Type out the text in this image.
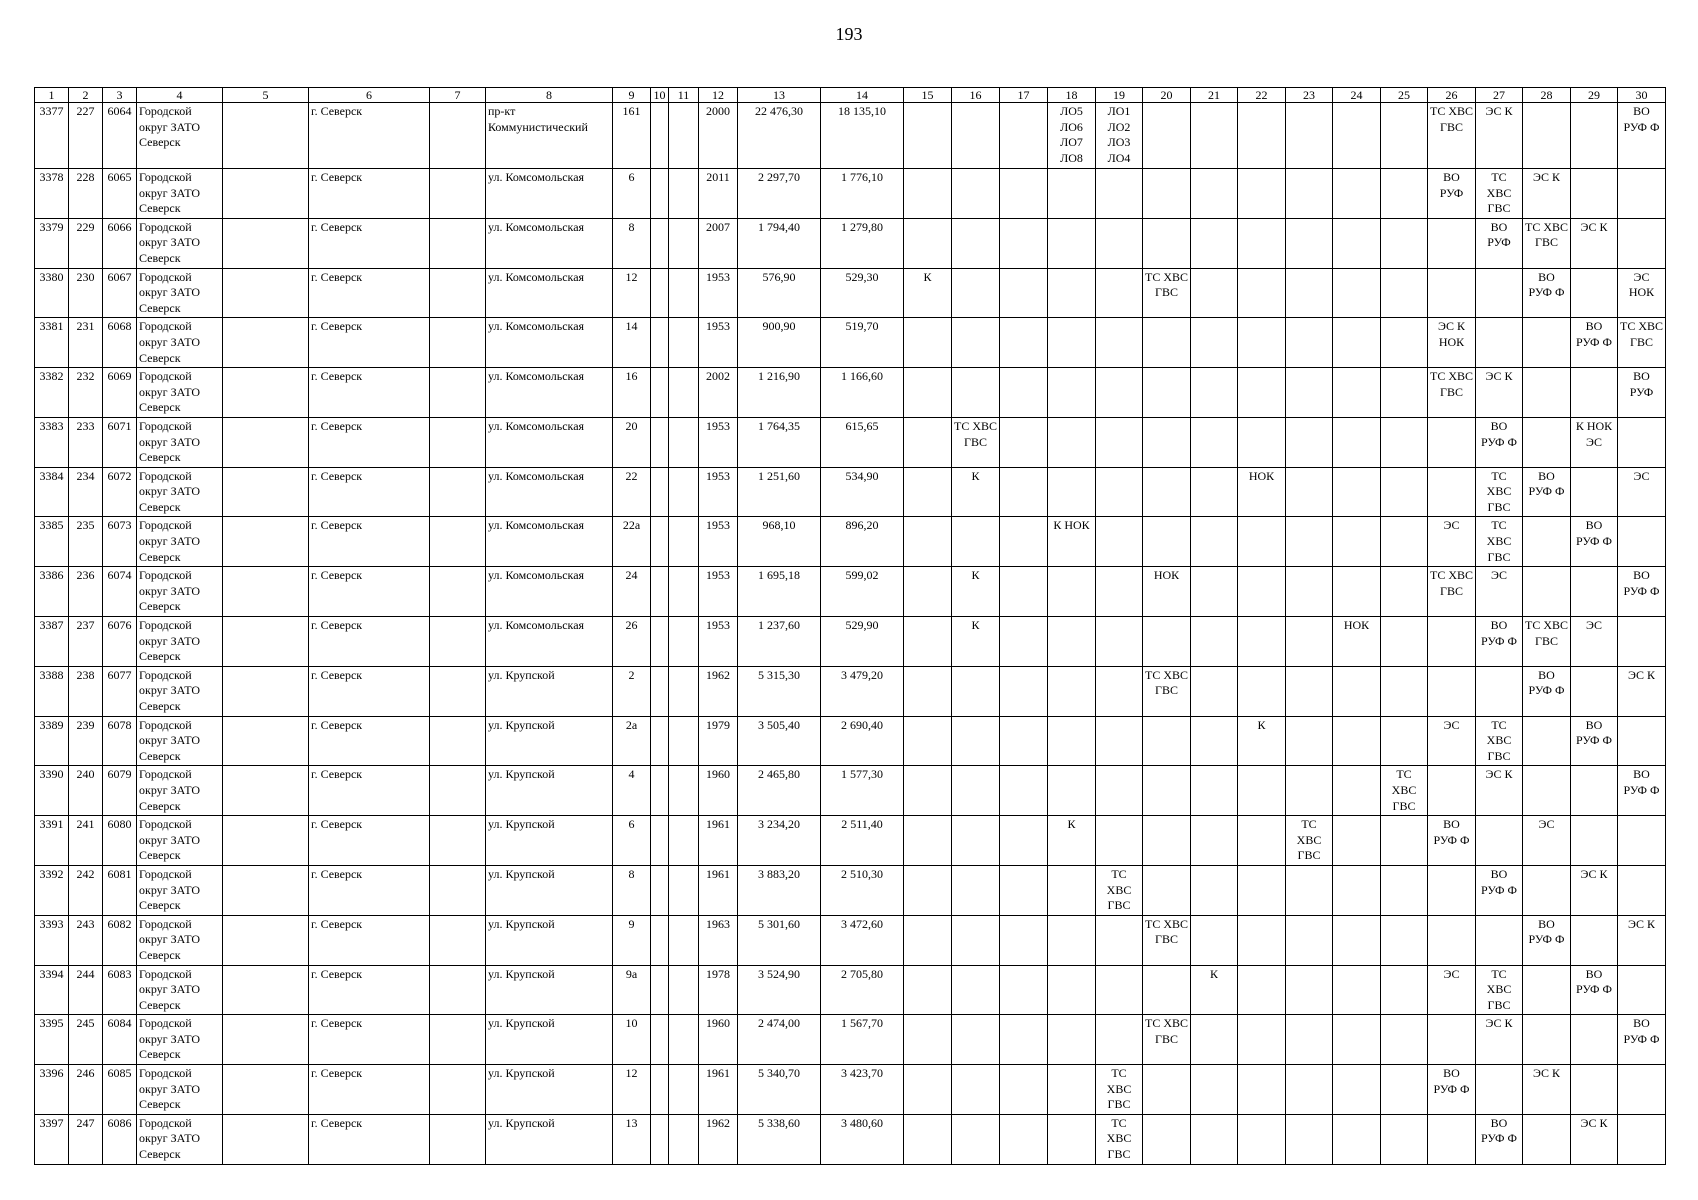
193
1	2	3	4	5	6	7	8	9	10	11	12	13	14	15	16	17	18	19	20	21	22	23	24	25	26	27	28	29	30
3377	227	6064	Городской округ ЗАТО Северск		г. Северск		пр-кт Коммунистический	161			2000	22 476,30	18 135,10				ЛО5 ЛО6 ЛО7 ЛО8	ЛО1 ЛО2 ЛО3 ЛО4							ТС ХВС ГВС	ЭС К			ВО РУФ Ф
3378	228	6065	Городской округ ЗАТО Северск		г. Северск		ул. Комсомольская	6			2011	2 297,70	1 776,10												ВО РУФ	ТС ХВС ГВС	ЭС К		
3379	229	6066	Городской округ ЗАТО Северск		г. Северск		ул. Комсомольская	8			2007	1 794,40	1 279,80													ВО РУФ	ТС ХВС ГВС	ЭС К	
3380	230	6067	Городской округ ЗАТО Северск		г. Северск		ул. Комсомольская	12			1953	576,90	529,30	К					ТС ХВС ГВС								ВО РУФ Ф		ЭС НОК
3381	231	6068	Городской округ ЗАТО Северск		г. Северск		ул. Комсомольская	14			1953	900,90	519,70												ЭС К НОК			ВО РУФ Ф	ТС ХВС ГВС
3382	232	6069	Городской округ ЗАТО Северск		г. Северск		ул. Комсомольская	16			2002	1 216,90	1 166,60												ТС ХВС ГВС	ЭС К			ВО РУФ
3383	233	6071	Городской округ ЗАТО Северск		г. Северск		ул. Комсомольская	20			1953	1 764,35	615,65		ТС ХВС ГВС											ВО РУФ Ф		К НОК ЭС	
3384	234	6072	Городской округ ЗАТО Северск		г. Северск		ул. Комсомольская	22			1953	1 251,60	534,90		К						НОК					ТС ХВС ГВС	ВО РУФ Ф		ЭС
3385	235	6073	Городской округ ЗАТО Северск		г. Северск		ул. Комсомольская	22а			1953	968,10	896,20				К НОК								ЭС	ТС ХВС ГВС		ВО РУФ Ф	
3386	236	6074	Городской округ ЗАТО Северск		г. Северск		ул. Комсомольская	24			1953	1 695,18	599,02		К				НОК						ТС ХВС ГВС	ЭС			ВО РУФ Ф
3387	237	6076	Городской округ ЗАТО Северск		г. Северск		ул. Комсомольская	26			1953	1 237,60	529,90		К								НОК			ВО РУФ Ф	ТС ХВС ГВС	ЭС	
3388	238	6077	Городской округ ЗАТО Северск		г. Северск		ул. Крупской	2			1962	5 315,30	3 479,20						ТС ХВС ГВС								ВО РУФ Ф		ЭС К
3389	239	6078	Городской округ ЗАТО Северск		г. Северск		ул. Крупской	2а			1979	3 505,40	2 690,40								К				ЭС	ТС ХВС ГВС		ВО РУФ Ф	
3390	240	6079	Городской округ ЗАТО Северск		г. Северск		ул. Крупской	4			1960	2 465,80	1 577,30											ТС ХВС ГВС		ЭС К			ВО РУФ Ф
3391	241	6080	Городской округ ЗАТО Северск		г. Северск		ул. Крупской	6			1961	3 234,20	2 511,40				К					ТС ХВС ГВС			ВО РУФ Ф		ЭС		
3392	242	6081	Городской округ ЗАТО Северск		г. Северск		ул. Крупской	8			1961	3 883,20	2 510,30					ТС ХВС ГВС								ВО РУФ Ф		ЭС К	
3393	243	6082	Городской округ ЗАТО Северск		г. Северск		ул. Крупской	9			1963	5 301,60	3 472,60						ТС ХВС ГВС								ВО РУФ Ф		ЭС К
3394	244	6083	Городской округ ЗАТО Северск		г. Северск		ул. Крупской	9а			1978	3 524,90	2 705,80							К					ЭС	ТС ХВС ГВС		ВО РУФ Ф	
3395	245	6084	Городской округ ЗАТО Северск		г. Северск		ул. Крупской	10			1960	2 474,00	1 567,70						ТС ХВС ГВС							ЭС К			ВО РУФ Ф
3396	246	6085	Городской округ ЗАТО Северск		г. Северск		ул. Крупской	12			1961	5 340,70	3 423,70					ТС ХВС ГВС							ВО РУФ Ф		ЭС К		
3397	247	6086	Городской округ ЗАТО Северск		г. Северск		ул. Крупской	13			1962	5 338,60	3 480,60					ТС ХВС ГВС								ВО РУФ Ф		ЭС К	
